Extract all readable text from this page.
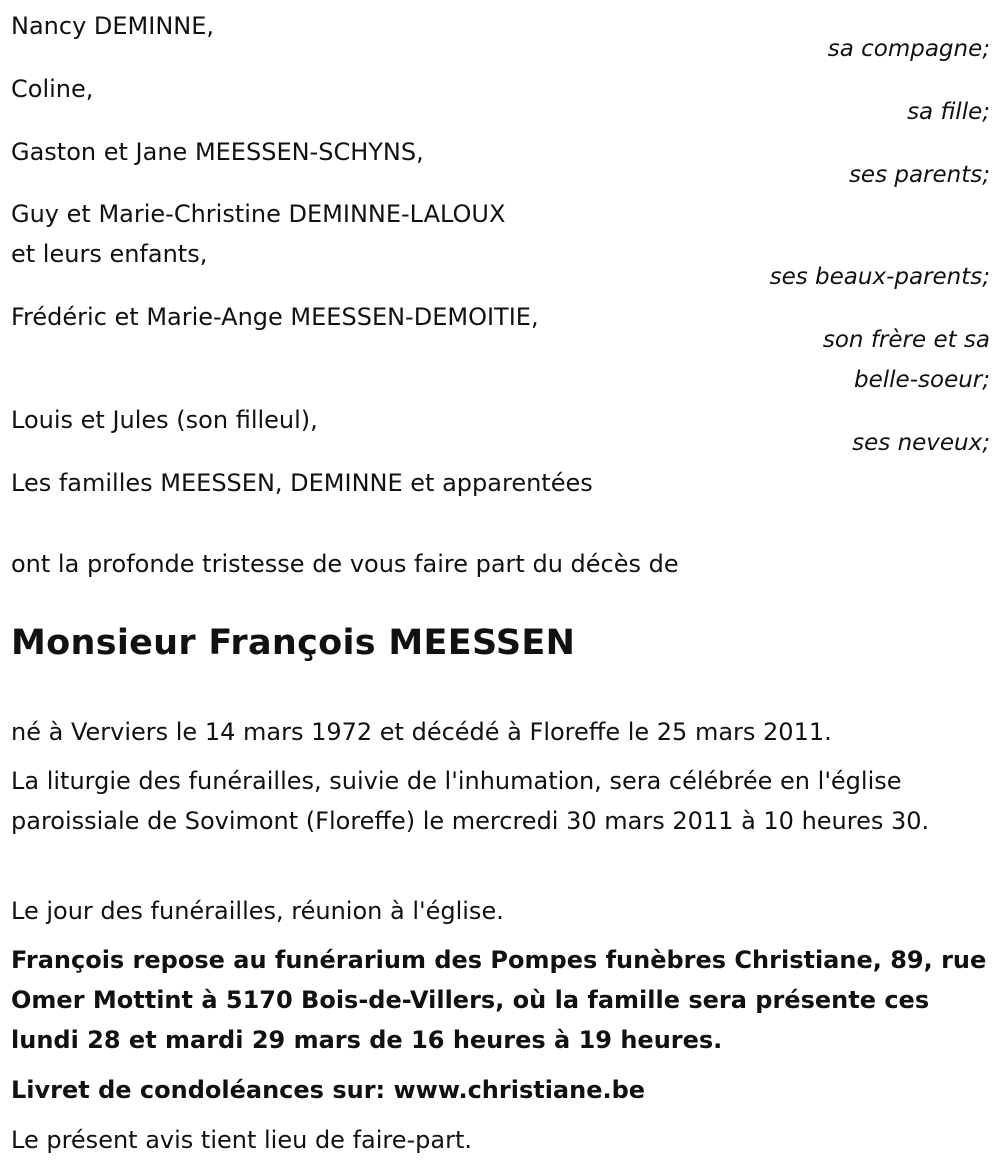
Nancy DEMINNE,
sa compagne;
Coline,
sa fille;
Gaston et Jane MEESSEN-SCHYNS,
ses parents;
Guy et Marie-Christine DEMINNE-LALOUX
et leurs enfants,
ses beaux-parents;
Frédéric et Marie-Ange MEESSEN-DEMOITIE,
son frère et sa
belle-soeur;
Louis et Jules (son filleul),
ses neveux;
Les familles MEESSEN, DEMINNE et apparentées
ont la profonde tristesse de vous faire part du décès de
Monsieur François MEESSEN
né à Verviers le 14 mars 1972 et décédé à Floreffe le 25 mars 2011.
La liturgie des funérailles, suivie de l'inhumation, sera célébrée en l'église paroissiale de Sovimont (Floreffe) le mercredi 30 mars 2011 à 10 heures 30.
Le jour des funérailles, réunion à l'église.
François repose au funérarium des Pompes funèbres Christiane, 89, rue Omer Mottint à 5170 Bois-de-Villers, où la famille sera présente ces lundi 28 et mardi 29 mars de 16 heures à 19 heures.
Livret de condoléances sur: www.christiane.be
Le présent avis tient lieu de faire-part.
